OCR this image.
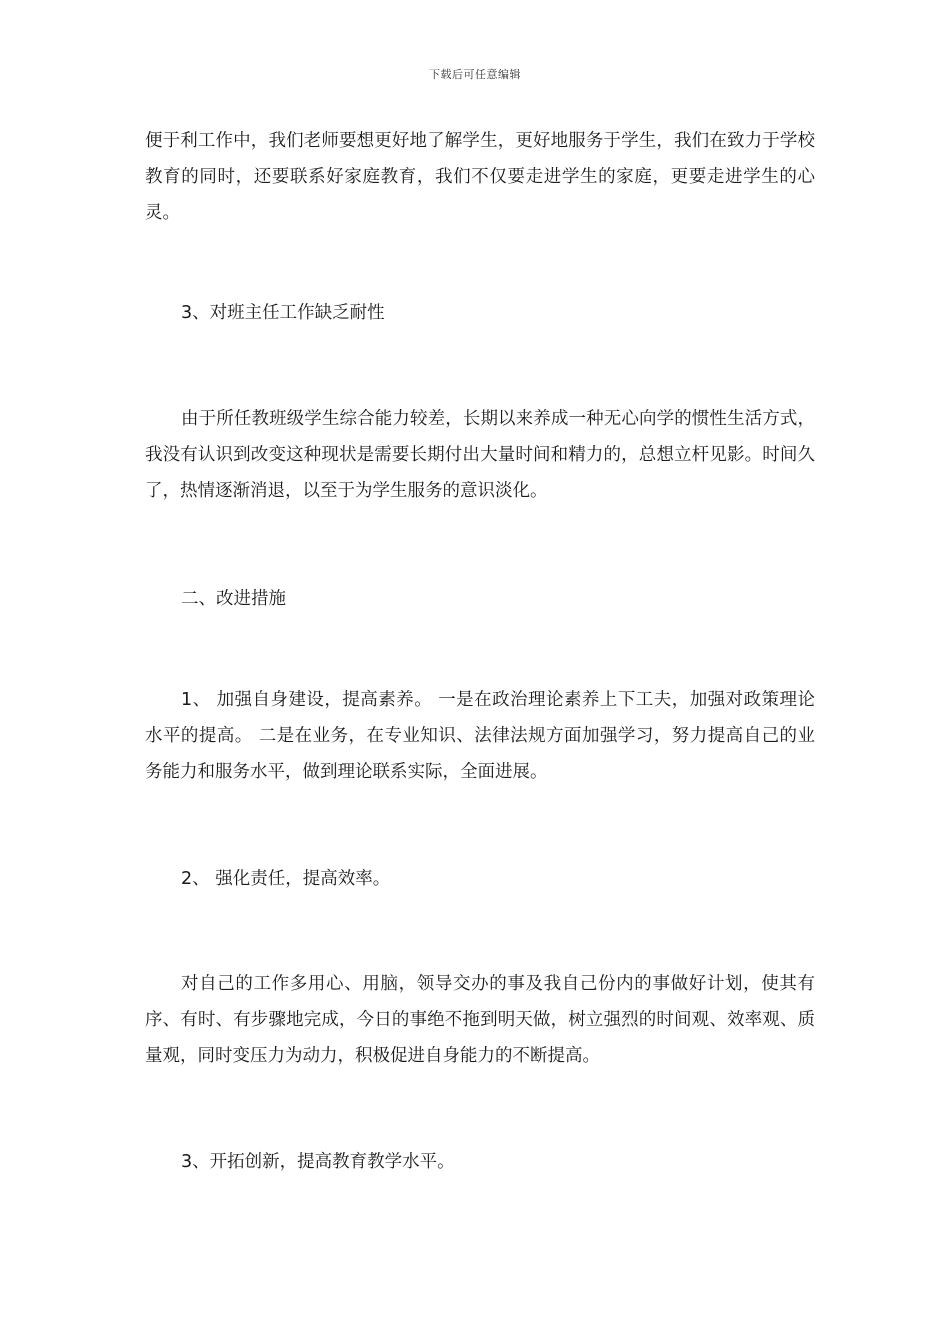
下载后可任意编辑

便于利工作中，我们老师要想更好地了解学生，更好地服务于学生，我们在致力于学校教育的同时，还要联系好家庭教育，我们不仅要走进学生的家庭，更要走进学生的心灵。

3、对班主任工作缺乏耐性

由于所任教班级学生综合能力较差，长期以来养成一种无心向学的惯性生活方式，我没有认识到改变这种现状是需要长期付出大量时间和精力的，总想立杆见影。时间久了，热情逐渐消退，以至于为学生服务的意识淡化。

二、改进措施

1、 加强自身建设，提高素养。 一是在政治理论素养上下工夫，加强对政策理论水平的提高。 二是在业务，在专业知识、法律法规方面加强学习，努力提高自己的业务能力和服务水平，做到理论联系实际，全面进展。

2、 强化责任，提高效率。

对自己的工作多用心、用脑，领导交办的事及我自己份内的事做好计划，使其有序、有时、有步骤地完成，今日的事绝不拖到明天做，树立强烈的时间观、效率观、质量观，同时变压力为动力，积极促进自身能力的不断提高。

3、开拓创新，提高教育教学水平。
